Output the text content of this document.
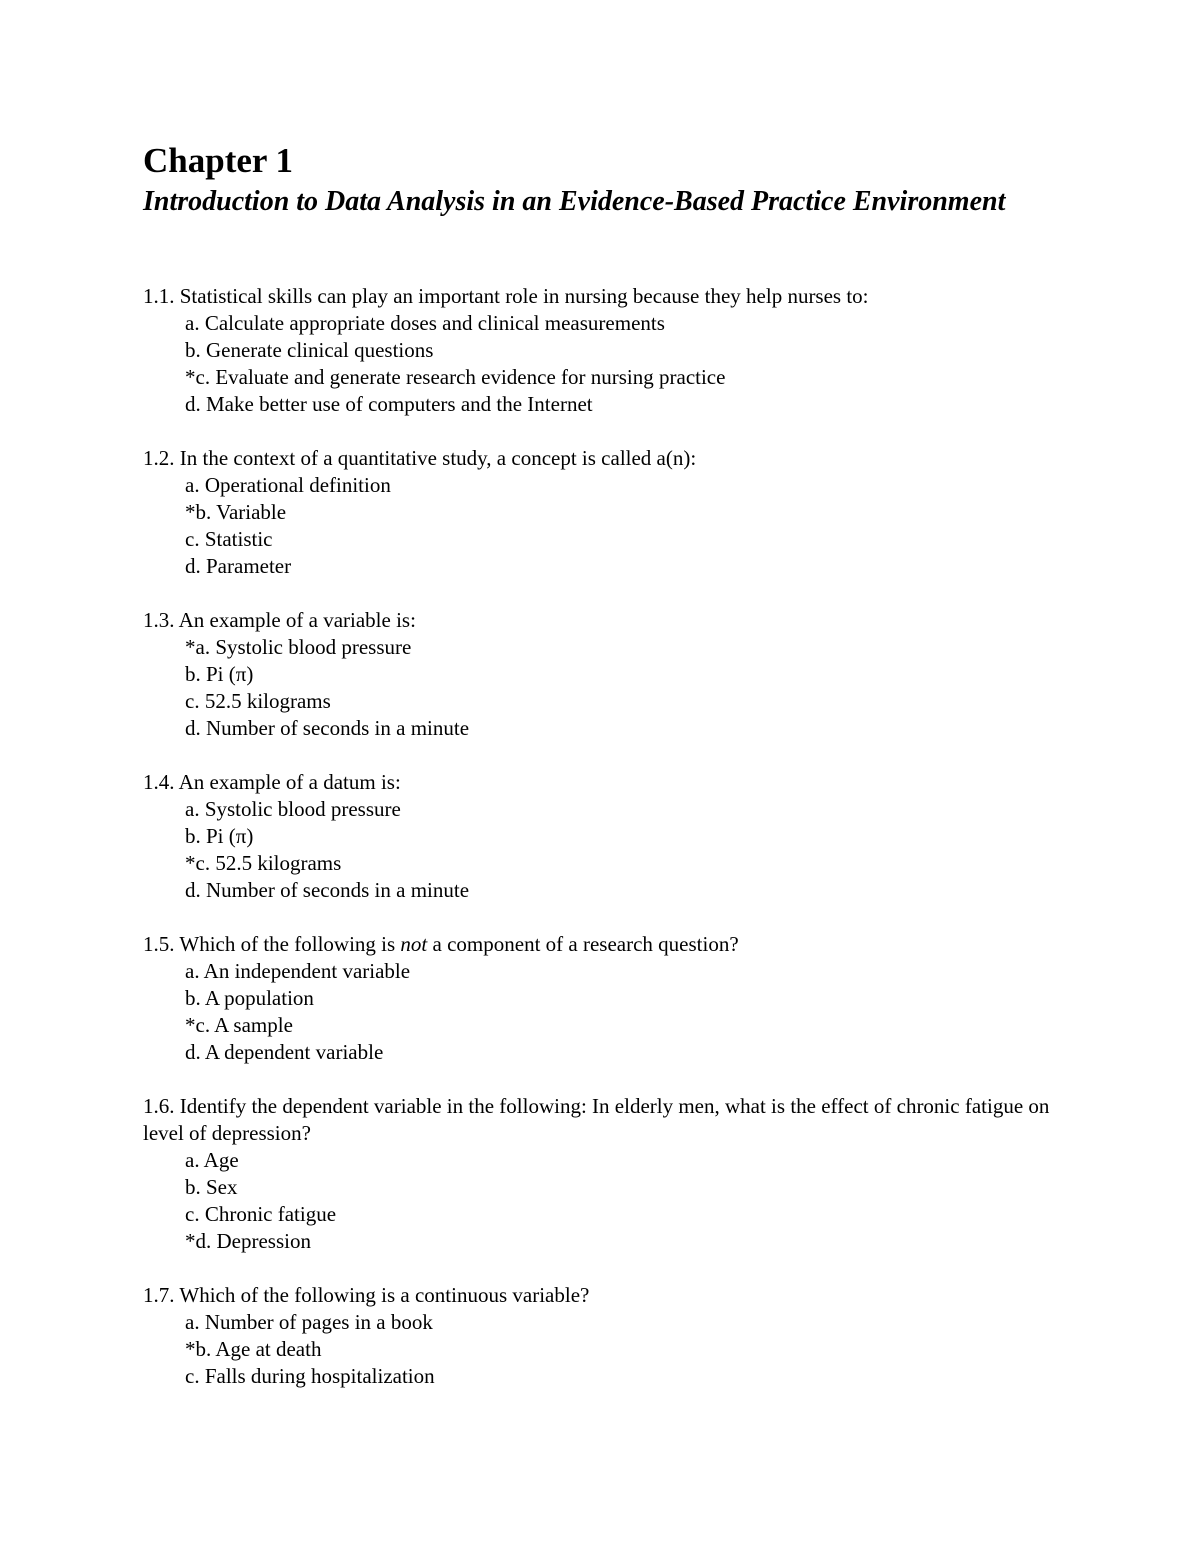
Chapter 1
Introduction to Data Analysis in an Evidence-Based Practice Environment
1.1. Statistical skills can play an important role in nursing because they help nurses to:
a. Calculate appropriate doses and clinical measurements
b. Generate clinical questions
*c. Evaluate and generate research evidence for nursing practice
d. Make better use of computers and the Internet
1.2. In the context of a quantitative study, a concept is called a(n):
a. Operational definition
*b. Variable
c. Statistic
d. Parameter
1.3. An example of a variable is:
*a. Systolic blood pressure
b. Pi (π)
c. 52.5 kilograms
d. Number of seconds in a minute
1.4. An example of a datum is:
a. Systolic blood pressure
b. Pi (π)
*c. 52.5 kilograms
d. Number of seconds in a minute
1.5. Which of the following is not a component of a research question?
a. An independent variable
b. A population
*c. A sample
d. A dependent variable
1.6. Identify the dependent variable in the following: In elderly men, what is the effect of chronic fatigue on level of depression?
a. Age
b. Sex
c. Chronic fatigue
*d. Depression
1.7. Which of the following is a continuous variable?
a. Number of pages in a book
*b. Age at death
c. Falls during hospitalization
